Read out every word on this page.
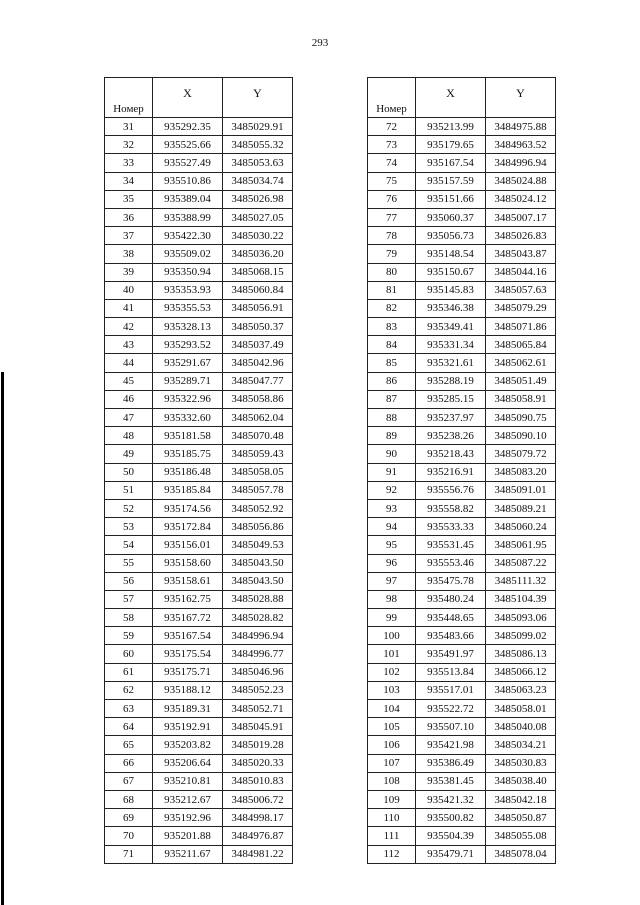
293
Номер	X	Y
31	935292.35	3485029.91
32	935525.66	3485055.32
33	935527.49	3485053.63
34	935510.86	3485034.74
35	935389.04	3485026.98
36	935388.99	3485027.05
37	935422.30	3485030.22
38	935509.02	3485036.20
39	935350.94	3485068.15
40	935353.93	3485060.84
41	935355.53	3485056.91
42	935328.13	3485050.37
43	935293.52	3485037.49
44	935291.67	3485042.96
45	935289.71	3485047.77
46	935322.96	3485058.86
47	935332.60	3485062.04
48	935181.58	3485070.48
49	935185.75	3485059.43
50	935186.48	3485058.05
51	935185.84	3485057.78
52	935174.56	3485052.92
53	935172.84	3485056.86
54	935156.01	3485049.53
55	935158.60	3485043.50
56	935158.61	3485043.50
57	935162.75	3485028.88
58	935167.72	3485028.82
59	935167.54	3484996.94
60	935175.54	3484996.77
61	935175.71	3485046.96
62	935188.12	3485052.23
63	935189.31	3485052.71
64	935192.91	3485045.91
65	935203.82	3485019.28
66	935206.64	3485020.33
67	935210.81	3485010.83
68	935212.67	3485006.72
69	935192.96	3484998.17
70	935201.88	3484976.87
71	935211.67	3484981.22
Номер	X	Y
72	935213.99	3484975.88
73	935179.65	3484963.52
74	935167.54	3484996.94
75	935157.59	3485024.88
76	935151.66	3485024.12
77	935060.37	3485007.17
78	935056.73	3485026.83
79	935148.54	3485043.87
80	935150.67	3485044.16
81	935145.83	3485057.63
82	935346.38	3485079.29
83	935349.41	3485071.86
84	935331.34	3485065.84
85	935321.61	3485062.61
86	935288.19	3485051.49
87	935285.15	3485058.91
88	935237.97	3485090.75
89	935238.26	3485090.10
90	935218.43	3485079.72
91	935216.91	3485083.20
92	935556.76	3485091.01
93	935558.82	3485089.21
94	935533.33	3485060.24
95	935531.45	3485061.95
96	935553.46	3485087.22
97	935475.78	3485111.32
98	935480.24	3485104.39
99	935448.65	3485093.06
100	935483.66	3485099.02
101	935491.97	3485086.13
102	935513.84	3485066.12
103	935517.01	3485063.23
104	935522.72	3485058.01
105	935507.10	3485040.08
106	935421.98	3485034.21
107	935386.49	3485030.83
108	935381.45	3485038.40
109	935421.32	3485042.18
110	935500.82	3485050.87
111	935504.39	3485055.08
112	935479.71	3485078.04
